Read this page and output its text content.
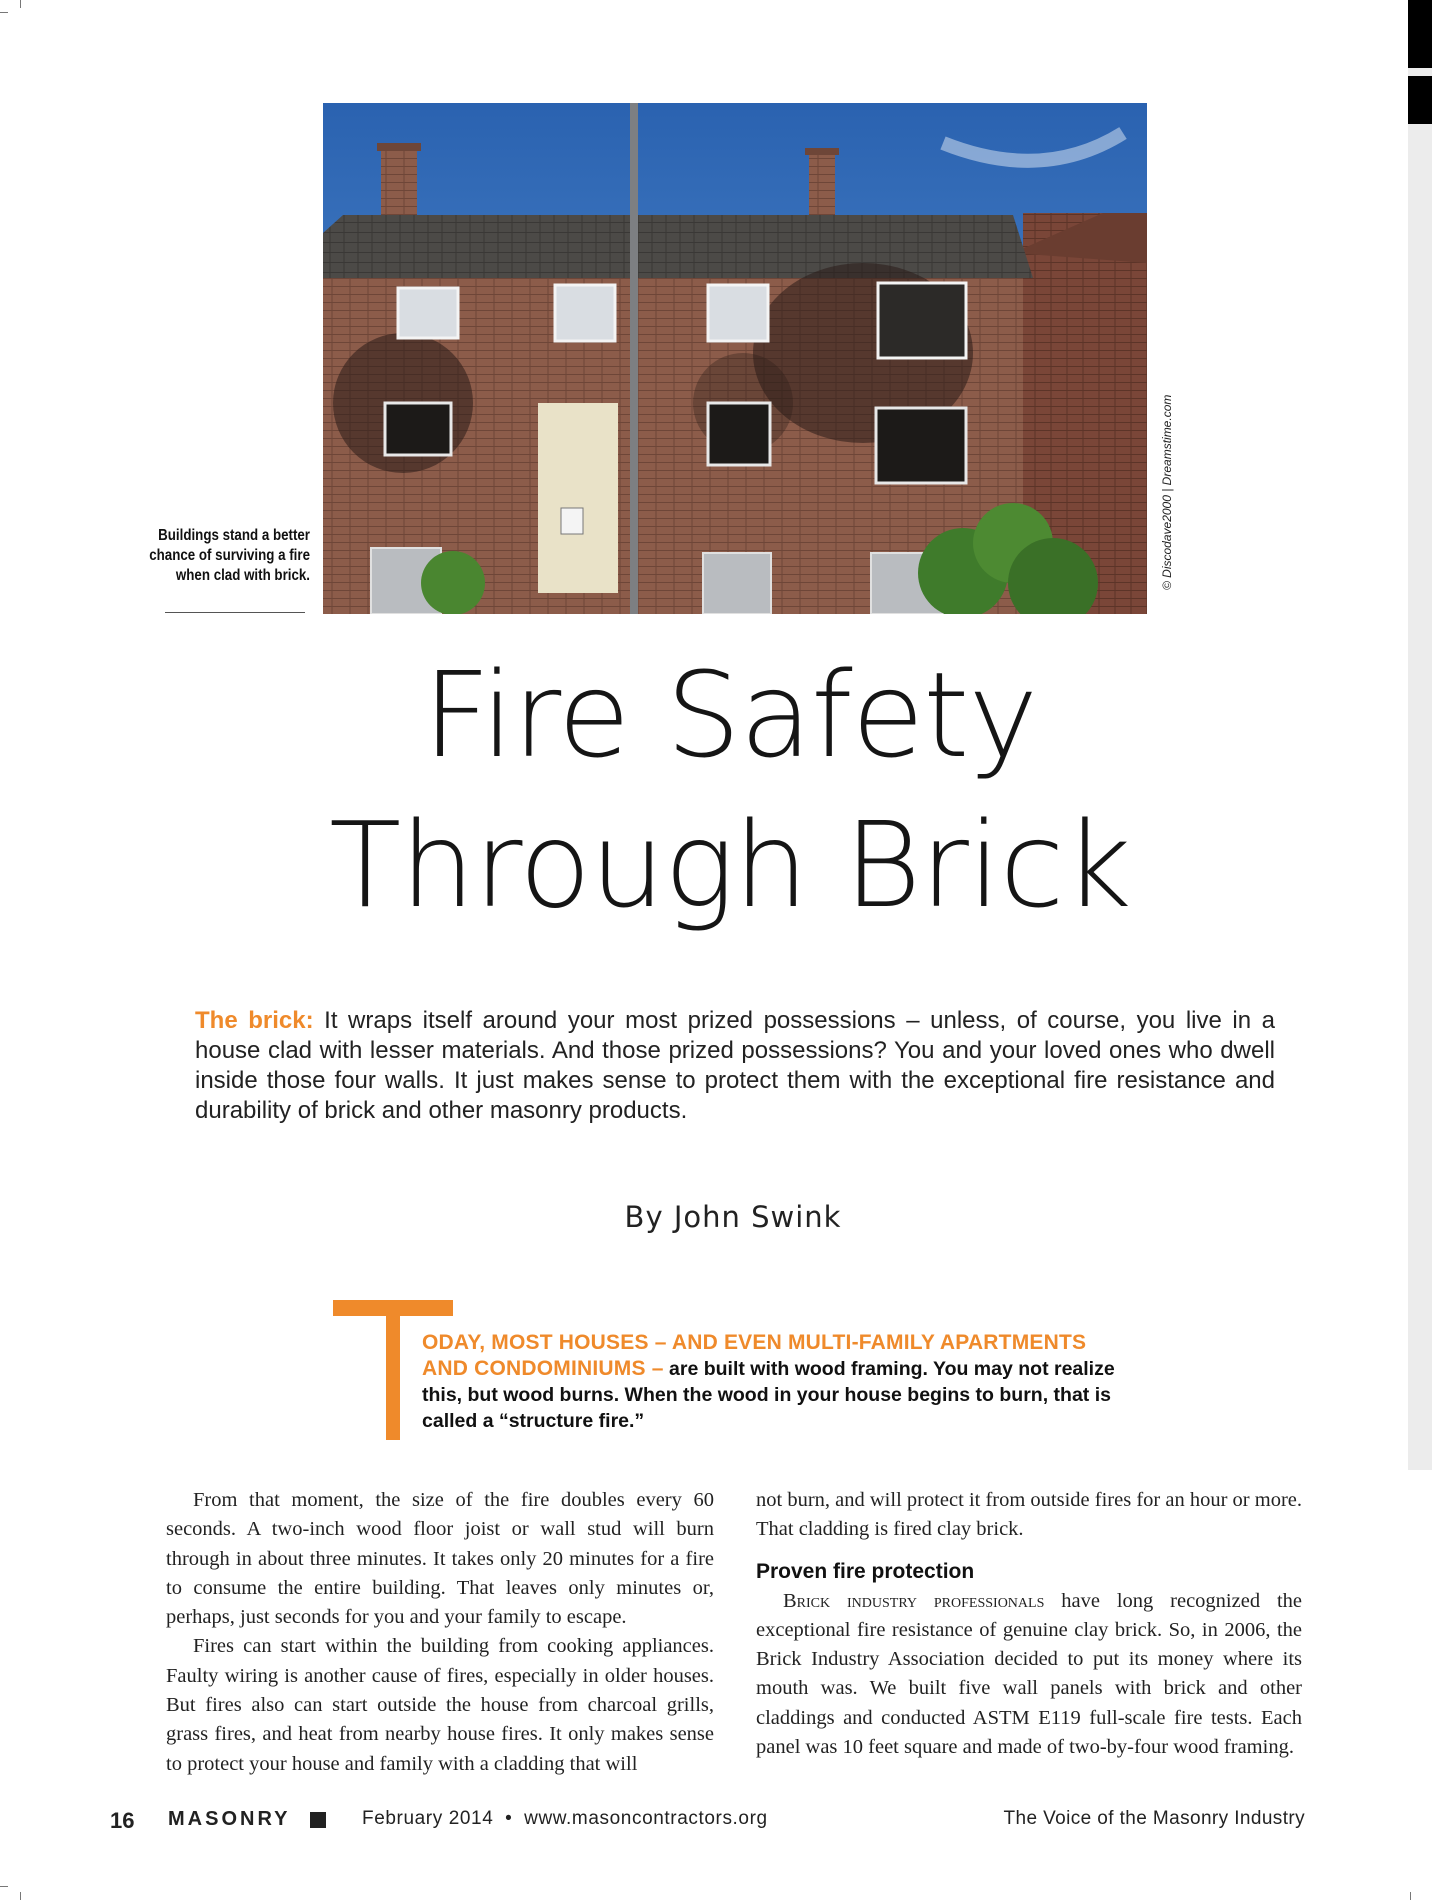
© Discodave2000 | Dreamstime.com
Buildings stand a better chance of surviving a fire when clad with brick.
Fire Safety
Through Brick
The brick: It wraps itself around your most prized possessions – unless, of course, you live in a house clad with lesser materials. And those prized possessions? You and your loved ones who dwell inside those four walls. It just makes sense to protect them with the exceptional fire resistance and durability of brick and other masonry products.
By John Swink
ODAY, MOST HOUSES – AND EVEN MULTI-FAMILY APARTMENTS AND CONDOMINIUMS – are built with wood framing. You may not realize this, but wood burns. When the wood in your house begins to burn, that is called a “structure fire.”

From that moment, the size of the fire doubles every 60 seconds. A two-inch wood floor joist or wall stud will burn through in about three minutes. It takes only 20 minutes for a fire to consume the entire building. That leaves only minutes or, perhaps, just seconds for you and your family to escape.

Fires can start within the building from cooking appliances. Faulty wiring is another cause of fires, especially in older houses. But fires also can start outside the house from charcoal grills, grass fires, and heat from nearby house fires. It only makes sense to protect your house and family with a cladding that will

not burn, and will protect it from outside fires for an hour or more. That cladding is fired clay brick.

Proven fire protection

Brick industry professionals have long recognized the exceptional fire resistance of genuine clay brick. So, in 2006, the Brick Industry Association decided to put its money where its mouth was. We built five wall panels with brick and other claddings and conducted ASTM E119 full-scale fire tests. Each panel was 10 feet square and made of two-by-four wood framing.

16 MASONRY	February 2014  •  www.masoncontractors.org	The Voice of the Masonry Industry
